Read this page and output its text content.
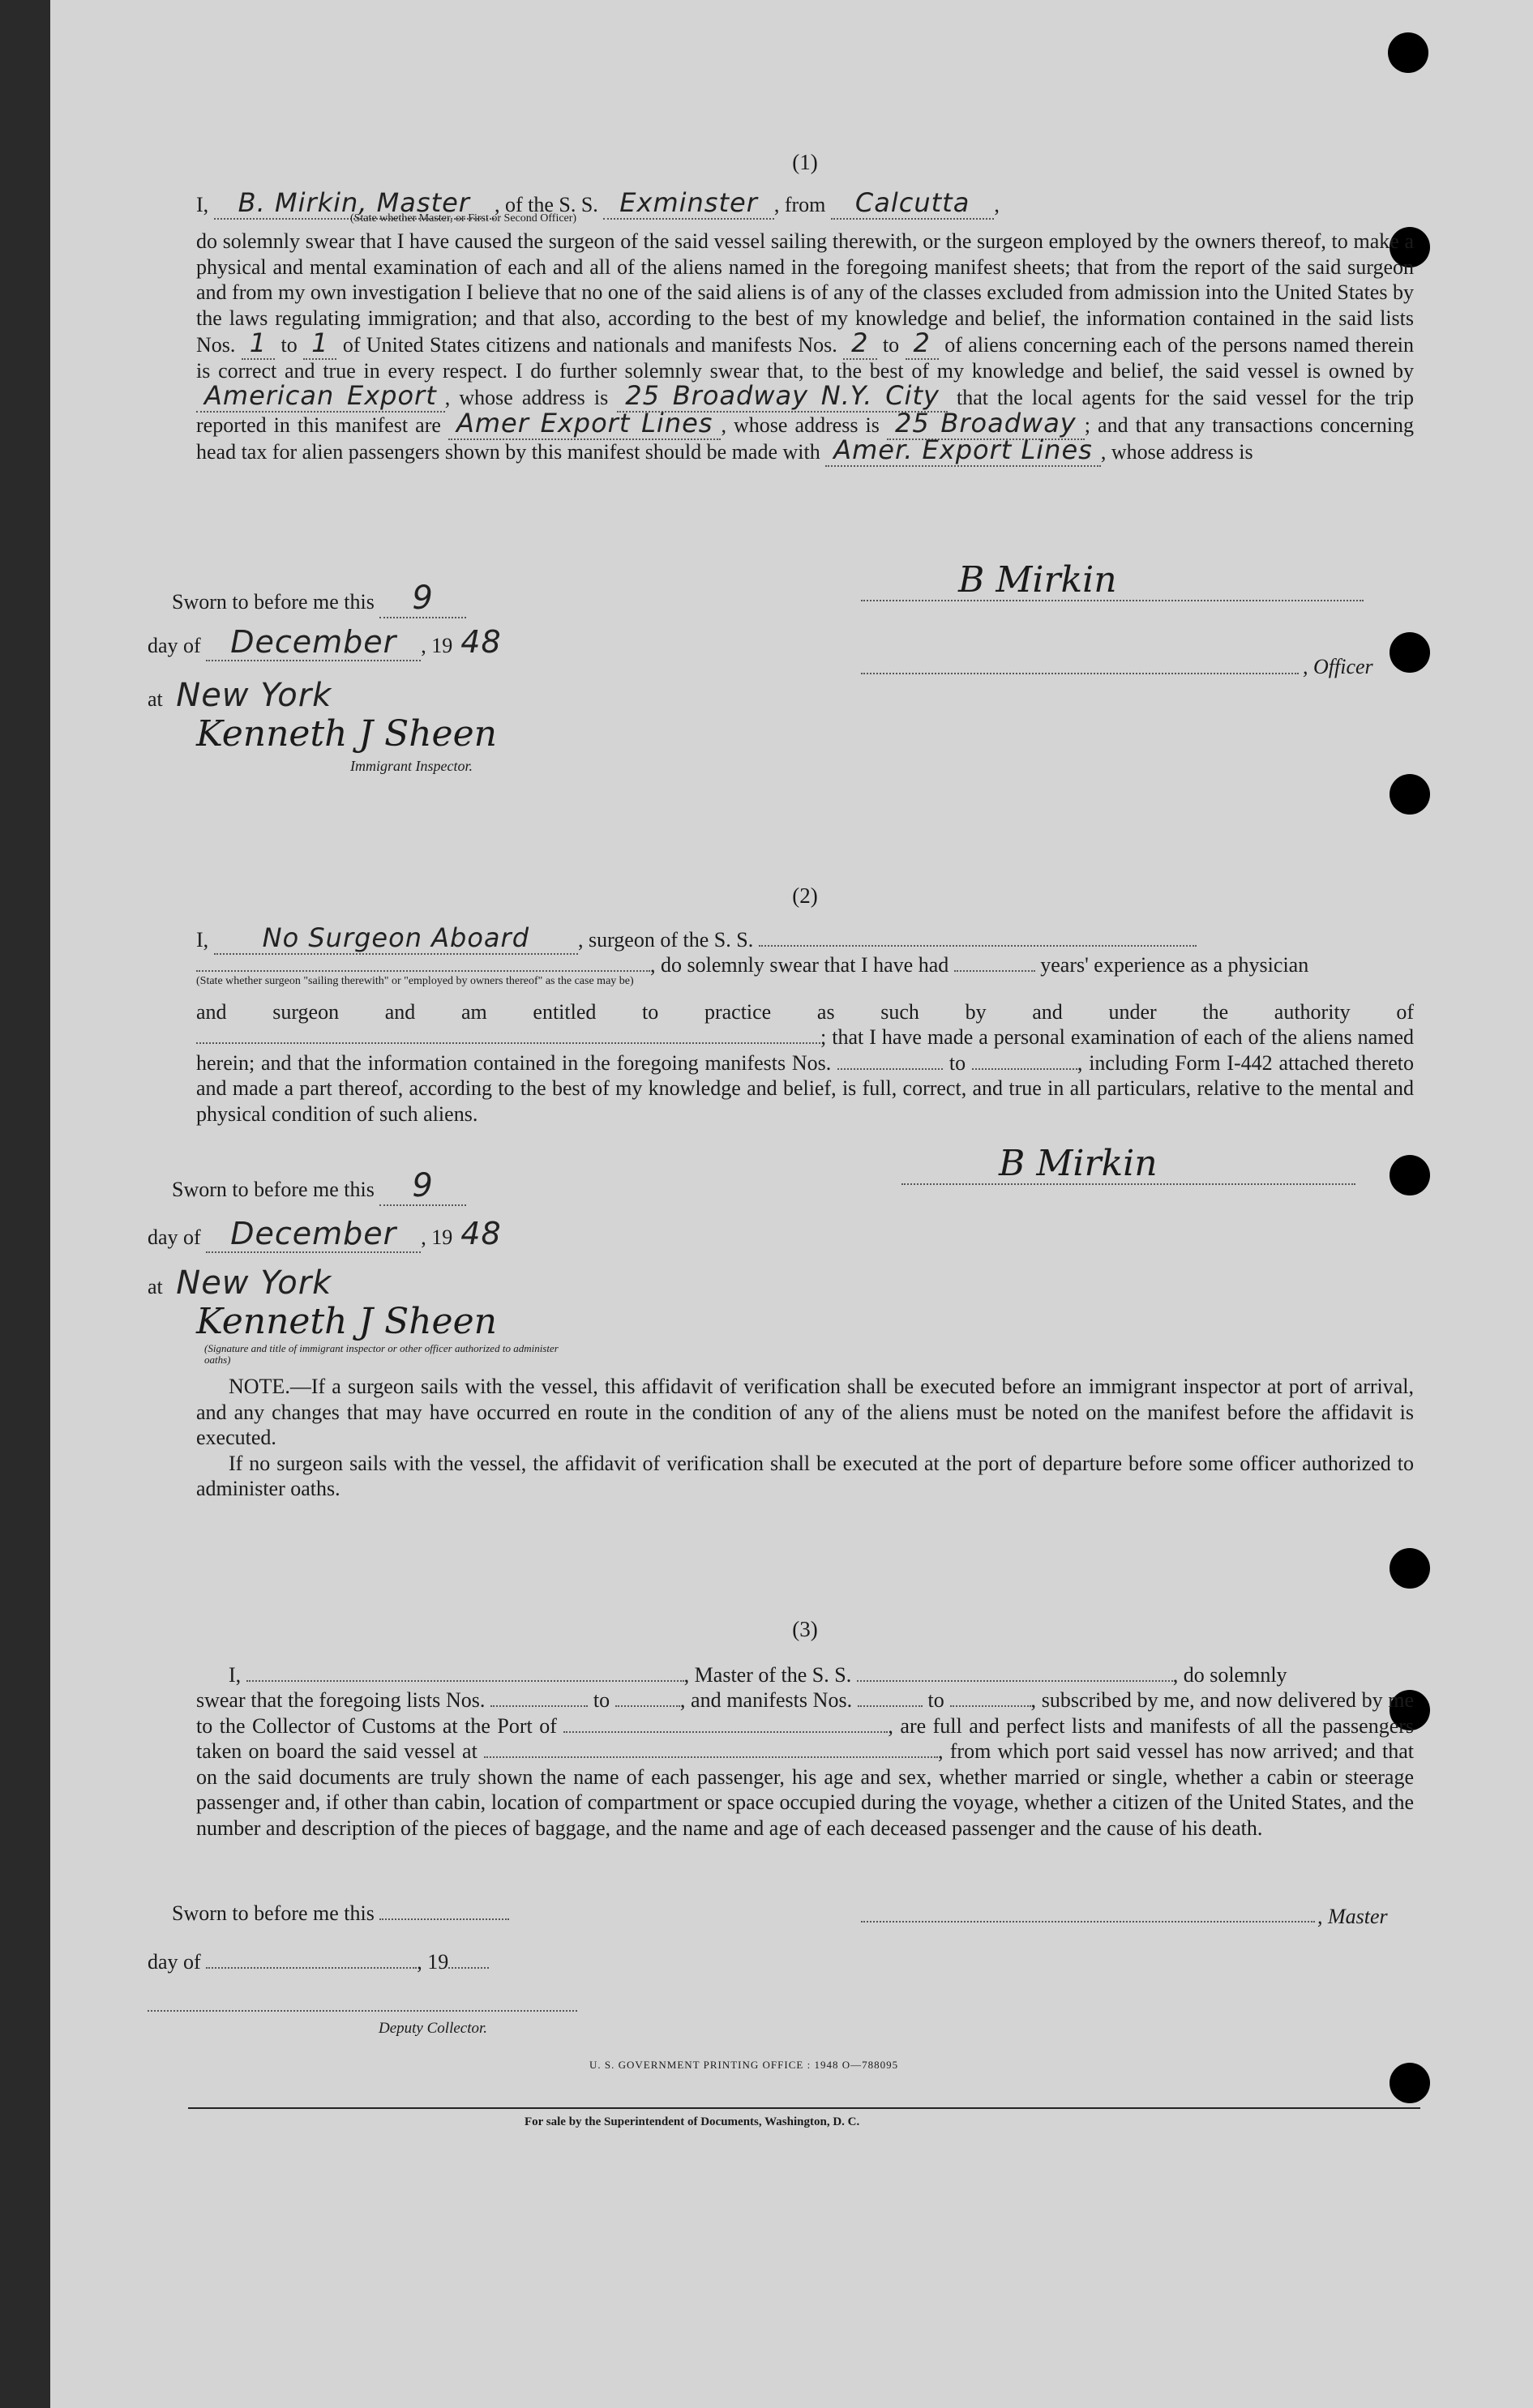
(1)

I, B. Mirkin, Master , of the S. S. Exminster , from Calcutta ,

(State whether Master, or First or Second Officer)

do solemnly swear that I have caused the surgeon of the said vessel sailing therewith, or the surgeon employed by the owners thereof, to make a physical and mental examination of each and all of the aliens named in the foregoing manifest sheets; that from the report of the said surgeon and from my own investigation I believe that no one of the said aliens is of any of the classes excluded from admission into the United States by the laws regulating immigration; and that also, according to the best of my knowledge and belief, the information contained in the said lists Nos. 1 to 1 of United States citizens and nationals and manifests Nos. 2 to 2 of aliens concerning each of the persons named therein is correct and true in every respect. I do further solemnly swear that, to the best of my knowledge and belief, the said vessel is owned by American Export , whose address is 25 Broadway N.Y. City that the local agents for the said vessel for the trip reported in this manifest are Amer Export Lines , whose address is 25 Broadway ; and that any transactions concerning head tax for alien passengers shown by this manifest should be made with Amer. Export Lines , whose address is

Sworn to before me this 9
day of December , 19 48
at New York
Kenneth J Sheen
Immigrant Inspector.
B Mirkin
, Officer

(2)

I, No Surgeon Aboard , surgeon of the S. S.

, do solemnly swear that I have had	years' experience as a physician

(State whether surgeon "sailing therewith" or "employed by owners thereof" as the case may be)

and surgeon and am entitled to practice as such by and under the authority of ; that I have made a personal examination of each of the aliens named herein; and that the information contained in the foregoing manifests Nos.	to	, including Form I-442 attached thereto and made a part thereof, according to the best of my knowledge and belief, is full, correct, and true in all particulars, relative to the mental and physical condition of such aliens.

Sworn to before me this 9
day of December , 19 48
at New York
Kenneth J Sheen
(Signature and title of immigrant inspector or other officer authorized to administer oaths)
B Mirkin

NOTE.—If a surgeon sails with the vessel, this affidavit of verification shall be executed before an immigrant inspector at port of arrival, and any changes that may have occurred en route in the condition of any of the aliens must be noted on the manifest before the affidavit is executed.

If no surgeon sails with the vessel, the affidavit of verification shall be executed at the port of departure before some officer authorized to administer oaths.

(3)

I,	, Master of the S. S.	, do solemnly

swear that the foregoing lists Nos.	to	, and manifests Nos.	to	, subscribed by me, and now delivered by me to the Collector of Customs at the Port of	, are full and perfect lists and manifests of all the passengers taken on board the said vessel at	, from which port said vessel has now arrived; and that on the said documents are truly shown the name of each passenger, his age and sex, whether married or single, whether a cabin or steerage passenger and, if other than cabin, location of compartment or space occupied during the voyage, whether a citizen of the United States, and the number and description of the pieces of baggage, and the name and age of each deceased passenger and the cause of his death.

Sworn to before me this	, Master
day of	, 19
Deputy Collector.
U. S. GOVERNMENT PRINTING OFFICE : 1948 O—788095
For sale by the Superintendent of Documents, Washington, D. C.
